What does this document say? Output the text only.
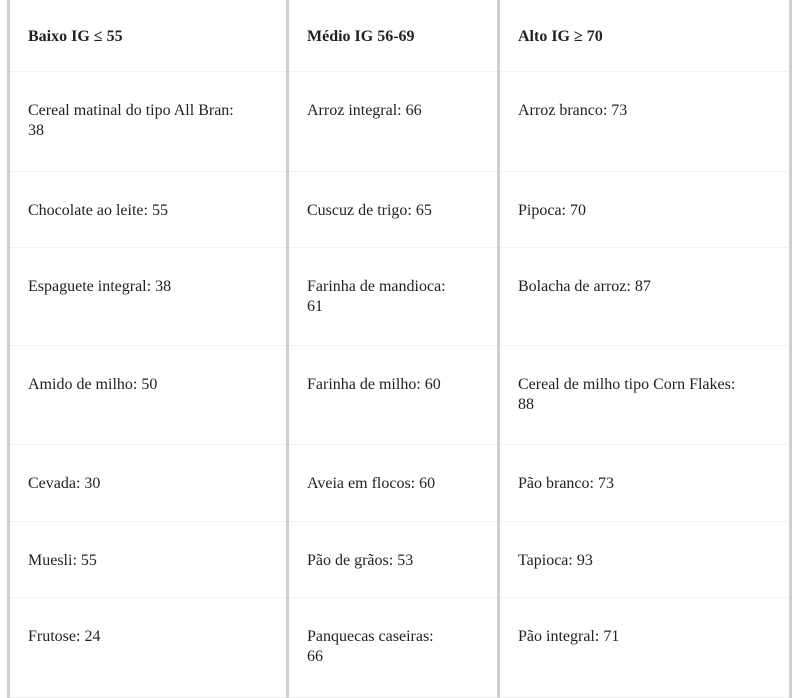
Baixo IG ≤ 55	Médio IG 56-69	Alto IG ≥ 70
Cereal matinal do tipo All Bran: 38	Arroz integral: 66	Arroz branco: 73
Chocolate ao leite: 55	Cuscuz de trigo: 65	Pipoca: 70
Espaguete integral: 38	Farinha de mandioca: 61	Bolacha de arroz: 87
Amido de milho: 50	Farinha de milho: 60	Cereal de milho tipo Corn Flakes: 88
Cevada: 30	Aveia em flocos: 60	Pão branco: 73
Muesli: 55	Pão de grãos: 53	Tapioca: 93
Frutose: 24	Panquecas caseiras: 66	Pão integral: 71
